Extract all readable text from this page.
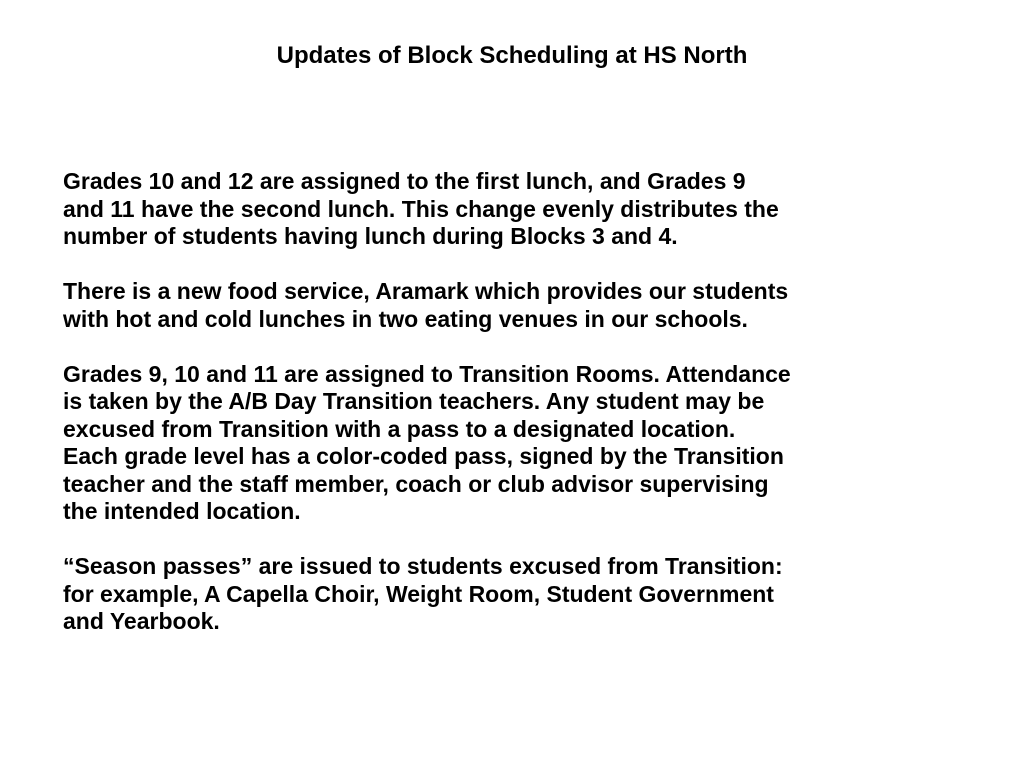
Updates of Block Scheduling at HS North

Grades 10 and 12 are assigned to the first lunch, and Grades 9
and 11 have the second lunch. This change evenly distributes the
number of students having lunch during Blocks 3 and 4.

There is a new food service, Aramark which provides our students
with hot and cold lunches in two eating venues in our schools.

Grades 9, 10 and 11 are assigned to Transition Rooms. Attendance
is taken by the A/B Day Transition teachers. Any student may be
excused from Transition with a pass to a designated location.
Each grade level has a color-coded pass, signed by the Transition
teacher and the staff member, coach or club advisor supervising
the intended location.

“Season passes” are issued to students excused from Transition:
for example, A Capella Choir, Weight Room, Student Government
and Yearbook.
